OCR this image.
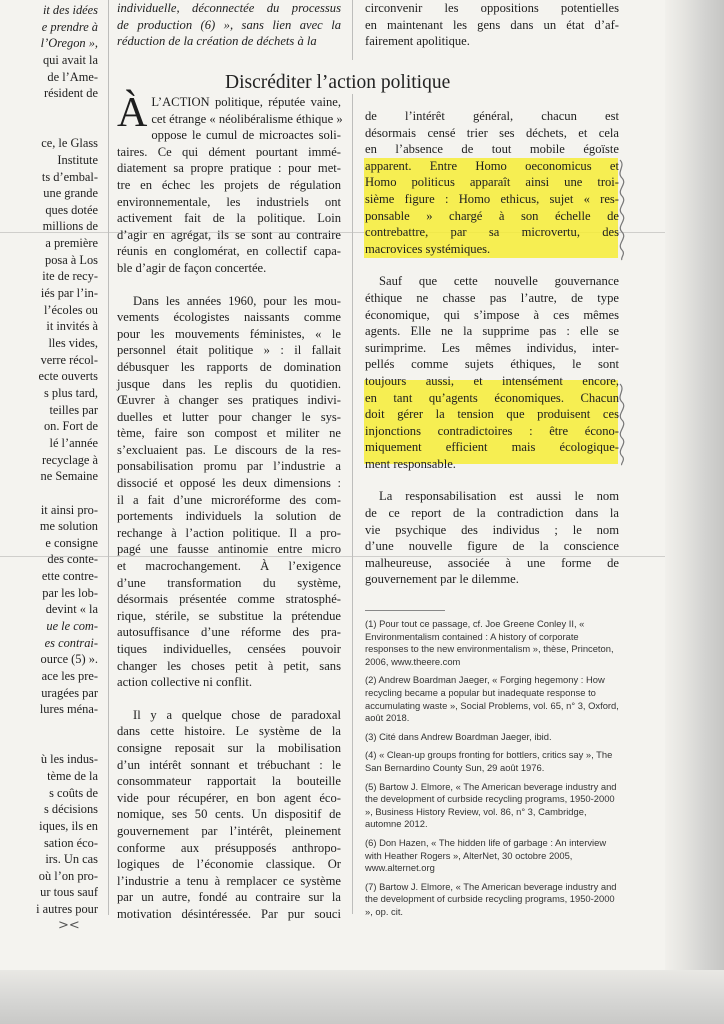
it des idées
e prendre à
l’Oregon »,
qui avait la
de l’Ame-
résident de
ce, le Glass
Institute
ts d’embal-
une grande
ques dotée
millions de
a première
posa à Los
ite de recy-
iés par l’in-
l’écoles ou
it invités à
lles vides,
verre récol-
ecte ouverts
s plus tard,
teilles par
on. Fort de
lé l’année
recyclage à
ne Semaine
it ainsi pro-
me solution
e consigne
des conte-
ette contre-
par les lob-
devint « la
ue le com-
es contrai-
ource (5) ».
ace les pre-
uragées par
lures ména-
ù les indus-
tème de la
s coûts de
s décisions
iques, ils en
sation éco-
irs. Un cas
où l’on pro-
ur tous sauf
i autres pour
individuelle, déconnectée du processus
de production (6) », sans lien avec la
réduction de la création de déchets à la
circonvenir les oppositions potentielles
en maintenant les gens dans un état d’af-
fairement apolitique.
Discréditer l’action politique
À L’ACTION politique, réputée vaine,
cet étrange « néolibéralisme éthique »
oppose le cumul de microactes soli-
taires. Ce qui dément pourtant immé-
diatement sa propre pratique : pour met-
tre en échec les projets de régulation
environnementale, les industriels ont
activement fait de la politique. Loin
d’agir en agrégat, ils se sont au contraire
réunis en conglomérat, en collectif capa-
ble d’agir de façon concertée.
Dans les années 1960, pour les mou-
vements écologistes naissants comme
pour les mouvements féministes, « le
personnel était politique » : il fallait
débusquer les rapports de domination
jusque dans les replis du quotidien.
Œuvrer à changer ses pratiques indivi-
duelles et lutter pour changer le sys-
tème, faire son compost et militer ne
s’excluaient pas. Le discours de la res-
ponsabilisation promu par l’industrie a
dissocié et opposé les deux dimensions :
il a fait d’une microréforme des com-
portements individuels la solution de
rechange à l’action politique. Il a pro-
pagé une fausse antinomie entre micro
et macrochangement. À l’exigence
d’une transformation du système,
désormais présentée comme stratosphé-
rique, stérile, se substitue la prétendue
autosuffisance d’une réforme des pra-
tiques individuelles, censées pouvoir
changer les choses petit à petit, sans
action collective ni conflit.
Il y a quelque chose de paradoxal
dans cette histoire. Le système de la
consigne reposait sur la mobilisation
d’un intérêt sonnant et trébuchant : le
consommateur rapportait la bouteille
vide pour récupérer, en bon agent éco-
nomique, ses 50 cents. Un dispositif de
gouvernement par l’intérêt, pleinement
conforme aux présupposés anthropo-
logiques de l’économie classique. Or
l’industrie a tenu à remplacer ce système
par un autre, fondé au contraire sur la
motivation désintéressée. Par pur souci
de l’intérêt général, chacun est
désormais censé trier ses déchets, et cela
en l’absence de tout mobile égoïste
apparent. Entre Homo oeconomicus et
Homo politicus apparaît ainsi une troi-
sième figure : Homo ethicus, sujet « res-
ponsable » chargé à son échelle de
contrebattre, par sa microvertu, des
macrovices systémiques.
Sauf que cette nouvelle gouvernance
éthique ne chasse pas l’autre, de type
économique, qui s’impose à ces mêmes
agents. Elle ne la supprime pas : elle se
surimprime. Les mêmes individus, inter-
pellés comme sujets éthiques, le sont
toujours aussi, et intensément encore,
en tant qu’agents économiques. Chacun
doit gérer la tension que produisent ces
injonctions contradictoires : être écono-
miquement efficient mais écologique-
ment responsable.
La responsabilisation est aussi le nom
de ce report de la contradiction dans la
vie psychique des individus ; le nom
d’une nouvelle figure de la conscience
malheureuse, associée à une forme de
gouvernement par le dilemme.
(1) Pour tout ce passage, cf. Joe Greene Conley II, « Environmentalism contained : A history of corporate responses to the new environmentalism », thèse, Princeton, 2006, www.theere.com
(2) Andrew Boardman Jaeger, « Forging hegemony : How recycling became a popular but inadequate response to accumulating waste », Social Problems, vol. 65, n° 3, Oxford, août 2018.
(3) Cité dans Andrew Boardman Jaeger, ibid.
(4) « Clean-up groups fronting for bottlers, critics say », The San Bernardino County Sun, 29 août 1976.
(5) Bartow J. Elmore, « The American beverage industry and the development of curbside recycling programs, 1950-2000 », Business History Review, vol. 86, n° 3, Cambridge, automne 2012.
(6) Don Hazen, « The hidden life of garbage : An interview with Heather Rogers », AlterNet, 30 octobre 2005, www.alternet.org
(7) Bartow J. Elmore, « The American beverage industry and the development of curbside recycling programs, 1950-2000 », op. cit.
><
